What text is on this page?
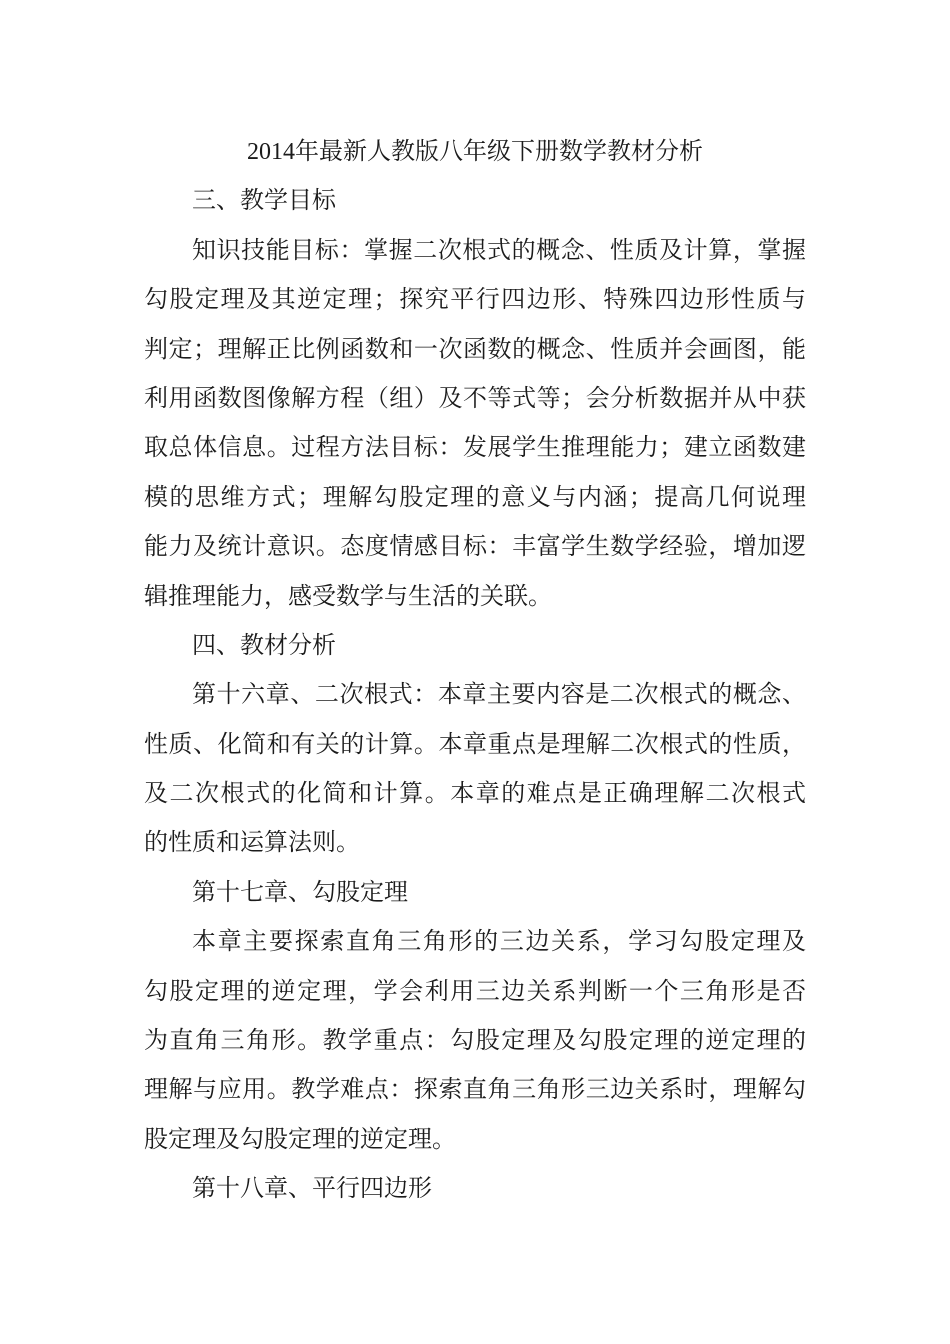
2014年最新人教版八年级下册数学教材分析
三、教学目标
知识技能目标：掌握二次根式的概念、性质及计算，掌握
勾股定理及其逆定理；探究平行四边形、特殊四边形性质与
判定；理解正比例函数和一次函数的概念、性质并会画图，能
利用函数图像解方程（组）及不等式等；会分析数据并从中获
取总体信息。过程方法目标：发展学生推理能力；建立函数建
模的思维方式；理解勾股定理的意义与内涵；提高几何说理
能力及统计意识。态度情感目标：丰富学生数学经验，增加逻
辑推理能力，感受数学与生活的关联。
四、教材分析
第十六章、二次根式：本章主要内容是二次根式的概念、
性质、化简和有关的计算。本章重点是理解二次根式的性质，
及二次根式的化简和计算。本章的难点是正确理解二次根式
的性质和运算法则。
第十七章、勾股定理
本章主要探索直角三角形的三边关系，学习勾股定理及
勾股定理的逆定理，学会利用三边关系判断一个三角形是否
为直角三角形。教学重点：勾股定理及勾股定理的逆定理的
理解与应用。教学难点：探索直角三角形三边关系时，理解勾
股定理及勾股定理的逆定理。
第十八章、平行四边形
